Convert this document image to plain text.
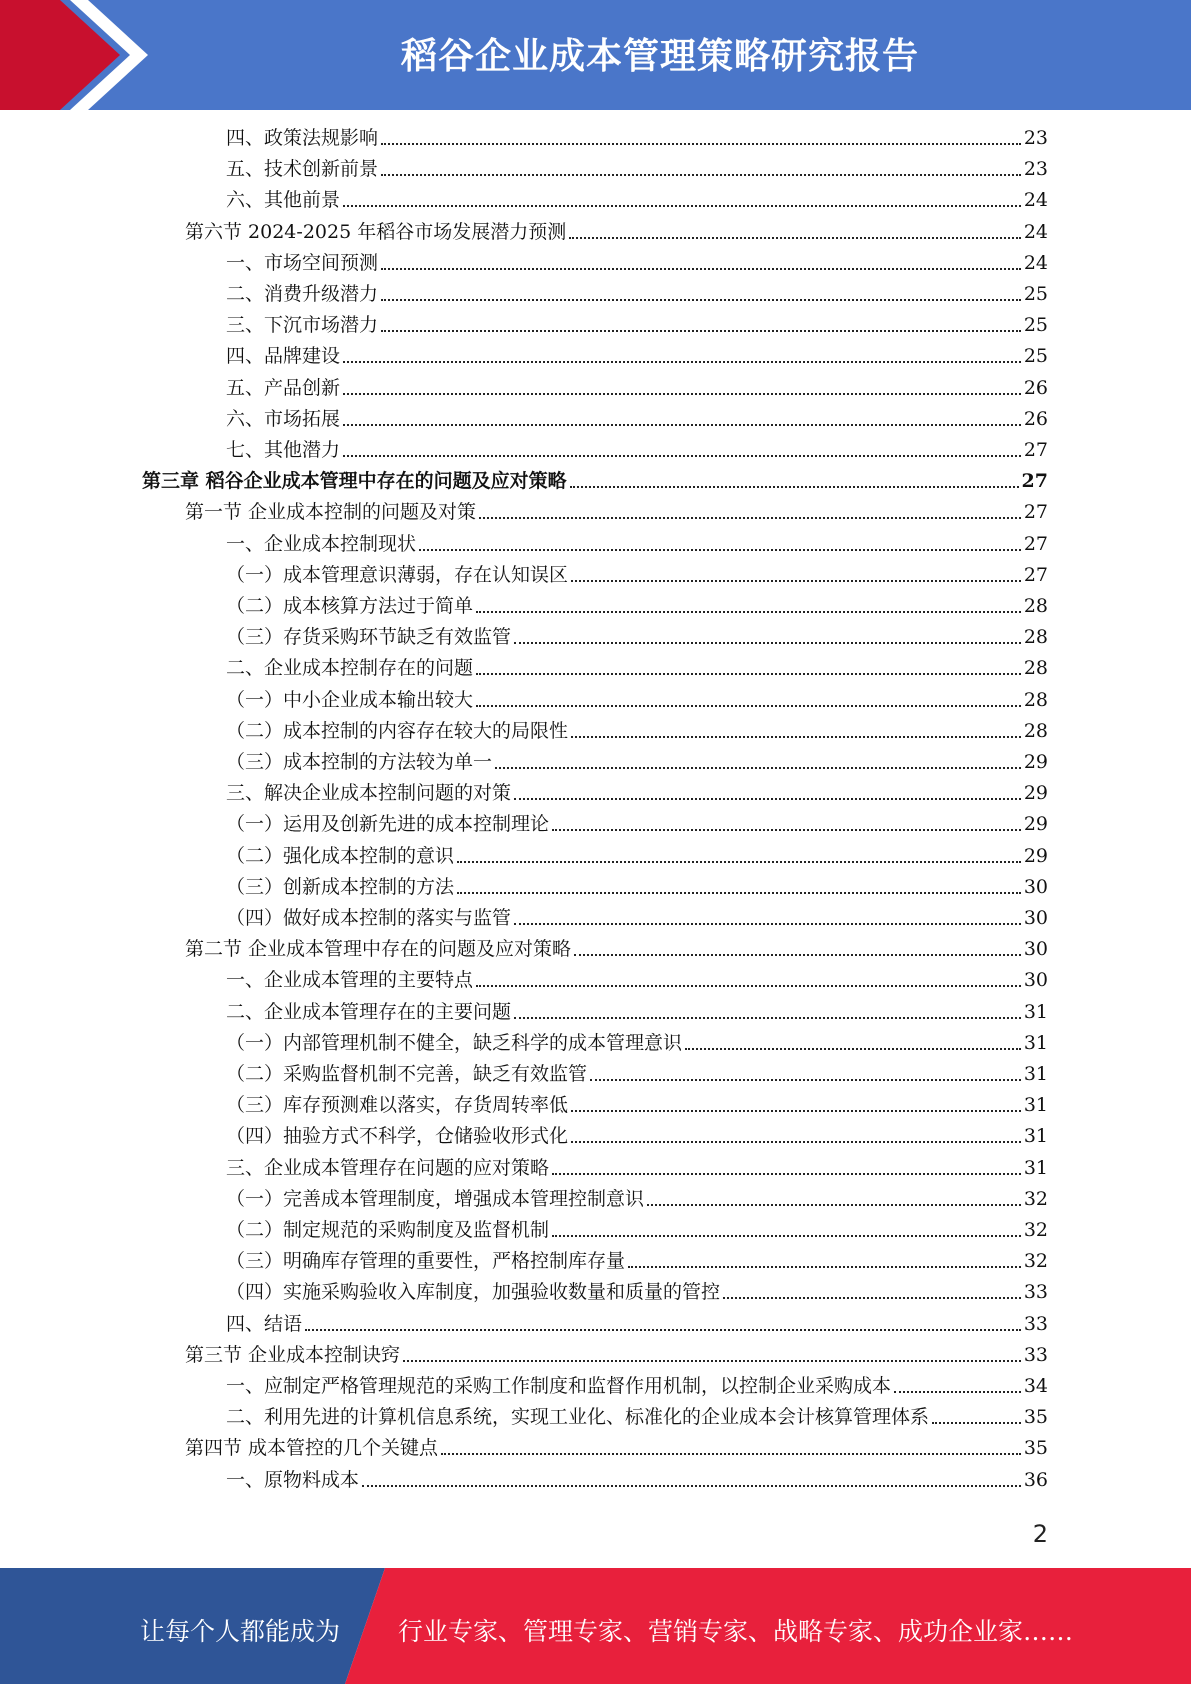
稻谷企业成本管理策略研究报告
四、政策法规影响	23
五、技术创新前景	23
六、其他前景	24
第六节 2024-2025 年稻谷市场发展潜力预测	24
一、市场空间预测	24
二、消费升级潜力	25
三、下沉市场潜力	25
四、品牌建设	25
五、产品创新	26
六、市场拓展	26
七、其他潜力	27
第三章 稻谷企业成本管理中存在的问题及应对策略	27
第一节 企业成本控制的问题及对策	27
一、企业成本控制现状	27
（一）成本管理意识薄弱，存在认知误区	27
（二）成本核算方法过于简单	28
（三）存货采购环节缺乏有效监管	28
二、企业成本控制存在的问题	28
（一）中小企业成本输出较大	28
（二）成本控制的内容存在较大的局限性	28
（三）成本控制的方法较为单一	29
三、解决企业成本控制问题的对策	29
（一）运用及创新先进的成本控制理论	29
（二）强化成本控制的意识	29
（三）创新成本控制的方法	30
（四）做好成本控制的落实与监管	30
第二节 企业成本管理中存在的问题及应对策略	30
一、企业成本管理的主要特点	30
二、企业成本管理存在的主要问题	31
（一）内部管理机制不健全，缺乏科学的成本管理意识	31
（二）采购监督机制不完善，缺乏有效监管	31
（三）库存预测难以落实，存货周转率低	31
（四）抽验方式不科学，仓储验收形式化	31
三、企业成本管理存在问题的应对策略	31
（一）完善成本管理制度，增强成本管理控制意识	32
（二）制定规范的采购制度及监督机制	32
（三）明确库存管理的重要性，严格控制库存量	32
（四）实施采购验收入库制度，加强验收数量和质量的管控	33
四、结语	33
第三节 企业成本控制诀窍	33
一、应制定严格管理规范的采购工作制度和监督作用机制，以控制企业采购成本	34
二、利用先进的计算机信息系统，实现工业化、标准化的企业成本会计核算管理体系	35
第四节 成本管控的几个关键点	35
一、原物料成本	36
2
让每个人都能成为 行业专家、管理专家、营销专家、战略专家、成功企业家……
